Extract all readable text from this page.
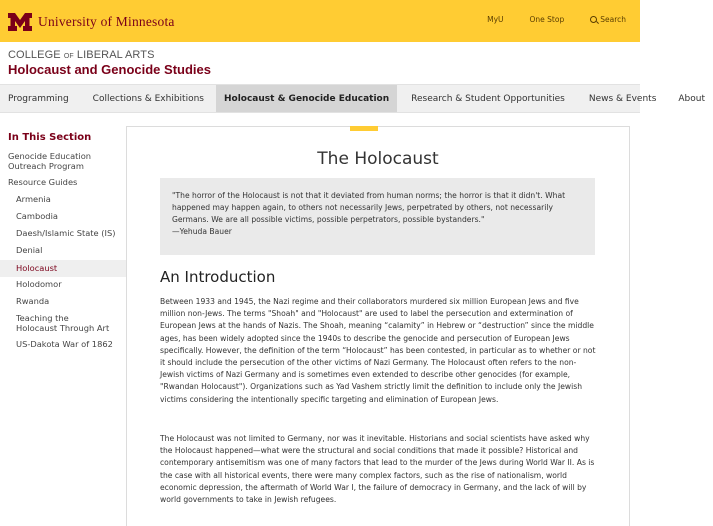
University of Minnesota	MyU	One Stop	Search
COLLEGE OF LIBERAL ARTS
Holocaust and Genocide Studies
Programming	Collections & Exhibitions	Holocaust & Genocide Education	Research & Student Opportunities	News & Events	About
In This Section
Genocide Education Outreach Program
Resource Guides
Armenia
Cambodia
Daesh/Islamic State (IS)
Denial
Holocaust
Holodomor
Rwanda
Teaching the Holocaust Through Art
US-Dakota War of 1862
The Holocaust
"The horror of the Holocaust is not that it deviated from human norms; the horror is that it didn't. What happened may happen again, to others not necessarily Jews, perpetrated by others, not necessarily Germans. We are all possible victims, possible perpetrators, possible bystanders."
—Yehuda Bauer
An Introduction

Between 1933 and 1945, the Nazi regime and their collaborators murdered six million European Jews and five million non-Jews. The terms "Shoah" and "Holocaust" are used to label the persecution and extermination of European Jews at the hands of Nazis. The Shoah, meaning “calamity” in Hebrew or “destruction” since the middle ages, has been widely adopted since the 1940s to describe the genocide and persecution of European Jews specifically. However, the definition of the term “Holocaust” has been contested, in particular as to whether or not it should include the persecution of the other victims of Nazi Germany. The Holocaust often refers to the non-Jewish victims of Nazi Germany and is sometimes even extended to describe other genocides (for example, "Rwandan Holocaust"). Organizations such as Yad Vashem strictly limit the definition to include only the Jewish victims considering the intentionally specific targeting and elimination of European Jews.

The Holocaust was not limited to Germany, nor was it inevitable. Historians and social scientists have asked why the Holocaust happened—what were the structural and social conditions that made it possible? Historical and contemporary antisemitism was one of many factors that lead to the murder of the Jews during World War II. As is the case with all historical events, there were many complex factors, such as the rise of nationalism, world economic depression, the aftermath of World War I, the failure of democracy in Germany, and the lack of will by world governments to take in Jewish refugees.
